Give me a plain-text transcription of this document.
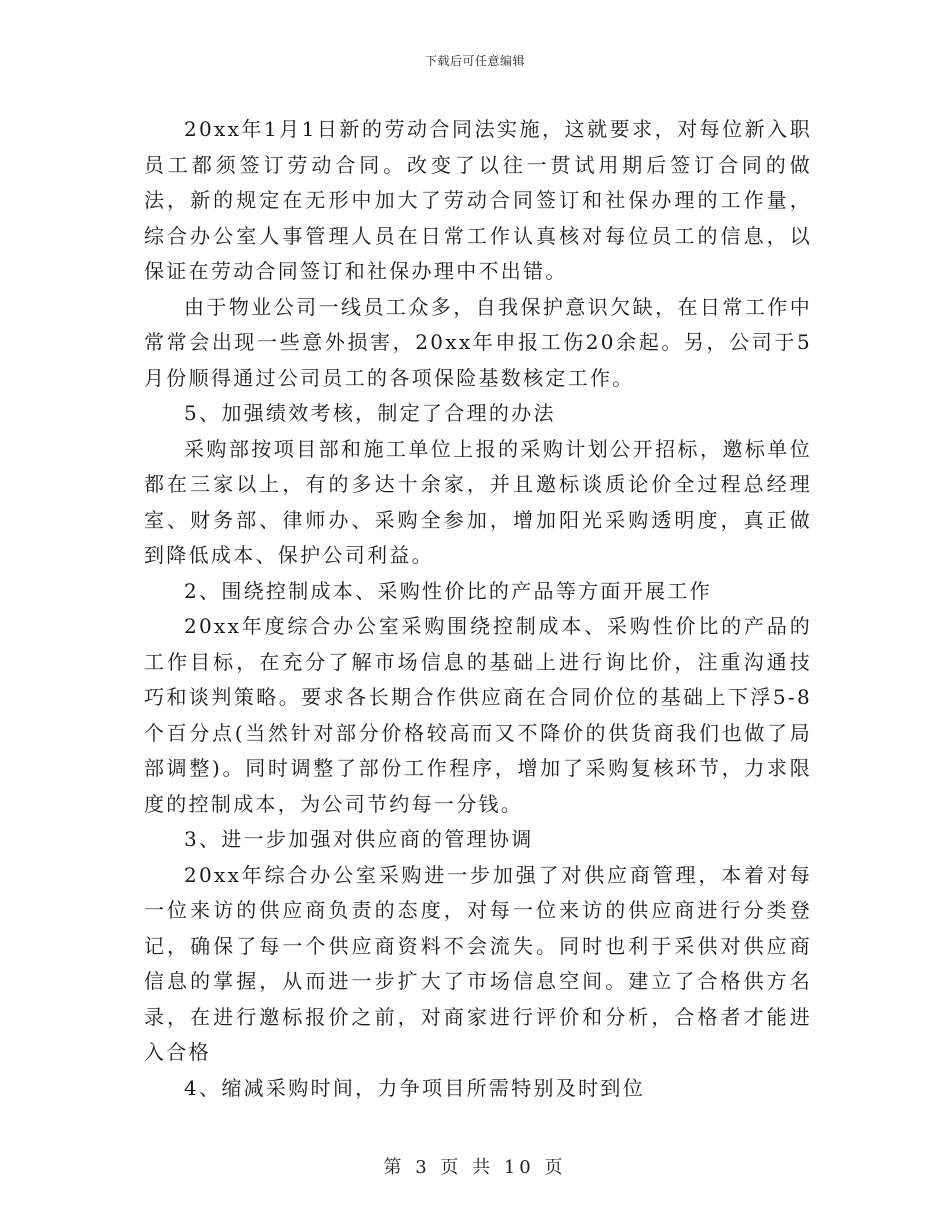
下载后可任意编辑

20xx年1月1日新的劳动合同法实施，这就要求，对每位新入职员工都须签订劳动合同。改变了以往一贯试用期后签订合同的做法，新的规定在无形中加大了劳动合同签订和社保办理的工作量，综合办公室人事管理人员在日常工作认真核对每位员工的信息，以保证在劳动合同签订和社保办理中不出错。

由于物业公司一线员工众多，自我保护意识欠缺，在日常工作中常常会出现一些意外损害，20xx年申报工伤20余起。另，公司于5月份顺得通过公司员工的各项保险基数核定工作。

5、加强绩效考核，制定了合理的办法

采购部按项目部和施工单位上报的采购计划公开招标，邀标单位都在三家以上，有的多达十余家，并且邀标谈质论价全过程总经理室、财务部、律师办、采购全参加，增加阳光采购透明度，真正做到降低成本、保护公司利益。

2、围绕控制成本、采购性价比的产品等方面开展工作

20xx年度综合办公室采购围绕控制成本、采购性价比的产品的工作目标，在充分了解市场信息的基础上进行询比价，注重沟通技巧和谈判策略。要求各长期合作供应商在合同价位的基础上下浮5-8个百分点(当然针对部分价格较高而又不降价的供货商我们也做了局部调整)。同时调整了部份工作程序，增加了采购复核环节，力求限度的控制成本，为公司节约每一分钱。

3、进一步加强对供应商的管理协调

20xx年综合办公室采购进一步加强了对供应商管理，本着对每一位来访的供应商负责的态度，对每一位来访的供应商进行分类登记，确保了每一个供应商资料不会流失。同时也利于采供对供应商信息的掌握，从而进一步扩大了市场信息空间。建立了合格供方名录，在进行邀标报价之前，对商家进行评价和分析，合格者才能进入合格

4、缩减采购时间，力争项目所需特别及时到位

第 3 页 共 10 页
